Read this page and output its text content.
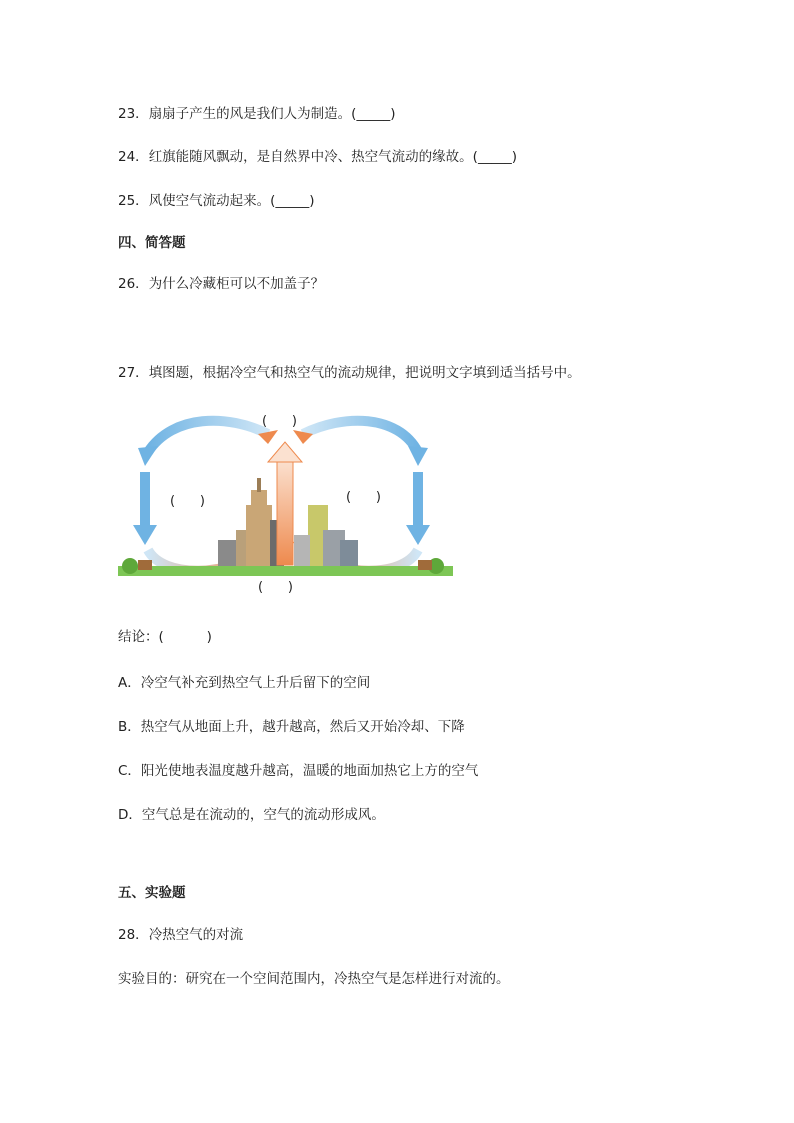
23．扇扇子产生的风是我们人为制造。(_____)
24．红旗能随风飘动，是自然界中冷、热空气流动的缘故。(_____)
25．风使空气流动起来。(_____)
四、简答题
26．为什么冷藏柜可以不加盖子？
27．填图题，根据冷空气和热空气的流动规律，把说明文字填到适当括号中。
(      )
(      )	(      )
(      )
结论：(          )
A．冷空气补充到热空气上升后留下的空间
B．热空气从地面上升，越升越高，然后又开始冷却、下降
C．阳光使地表温度越升越高，温暖的地面加热它上方的空气
D．空气总是在流动的，空气的流动形成风。
五、实验题
28．冷热空气的对流
实验目的：研究在一个空间范围内，冷热空气是怎样进行对流的。
